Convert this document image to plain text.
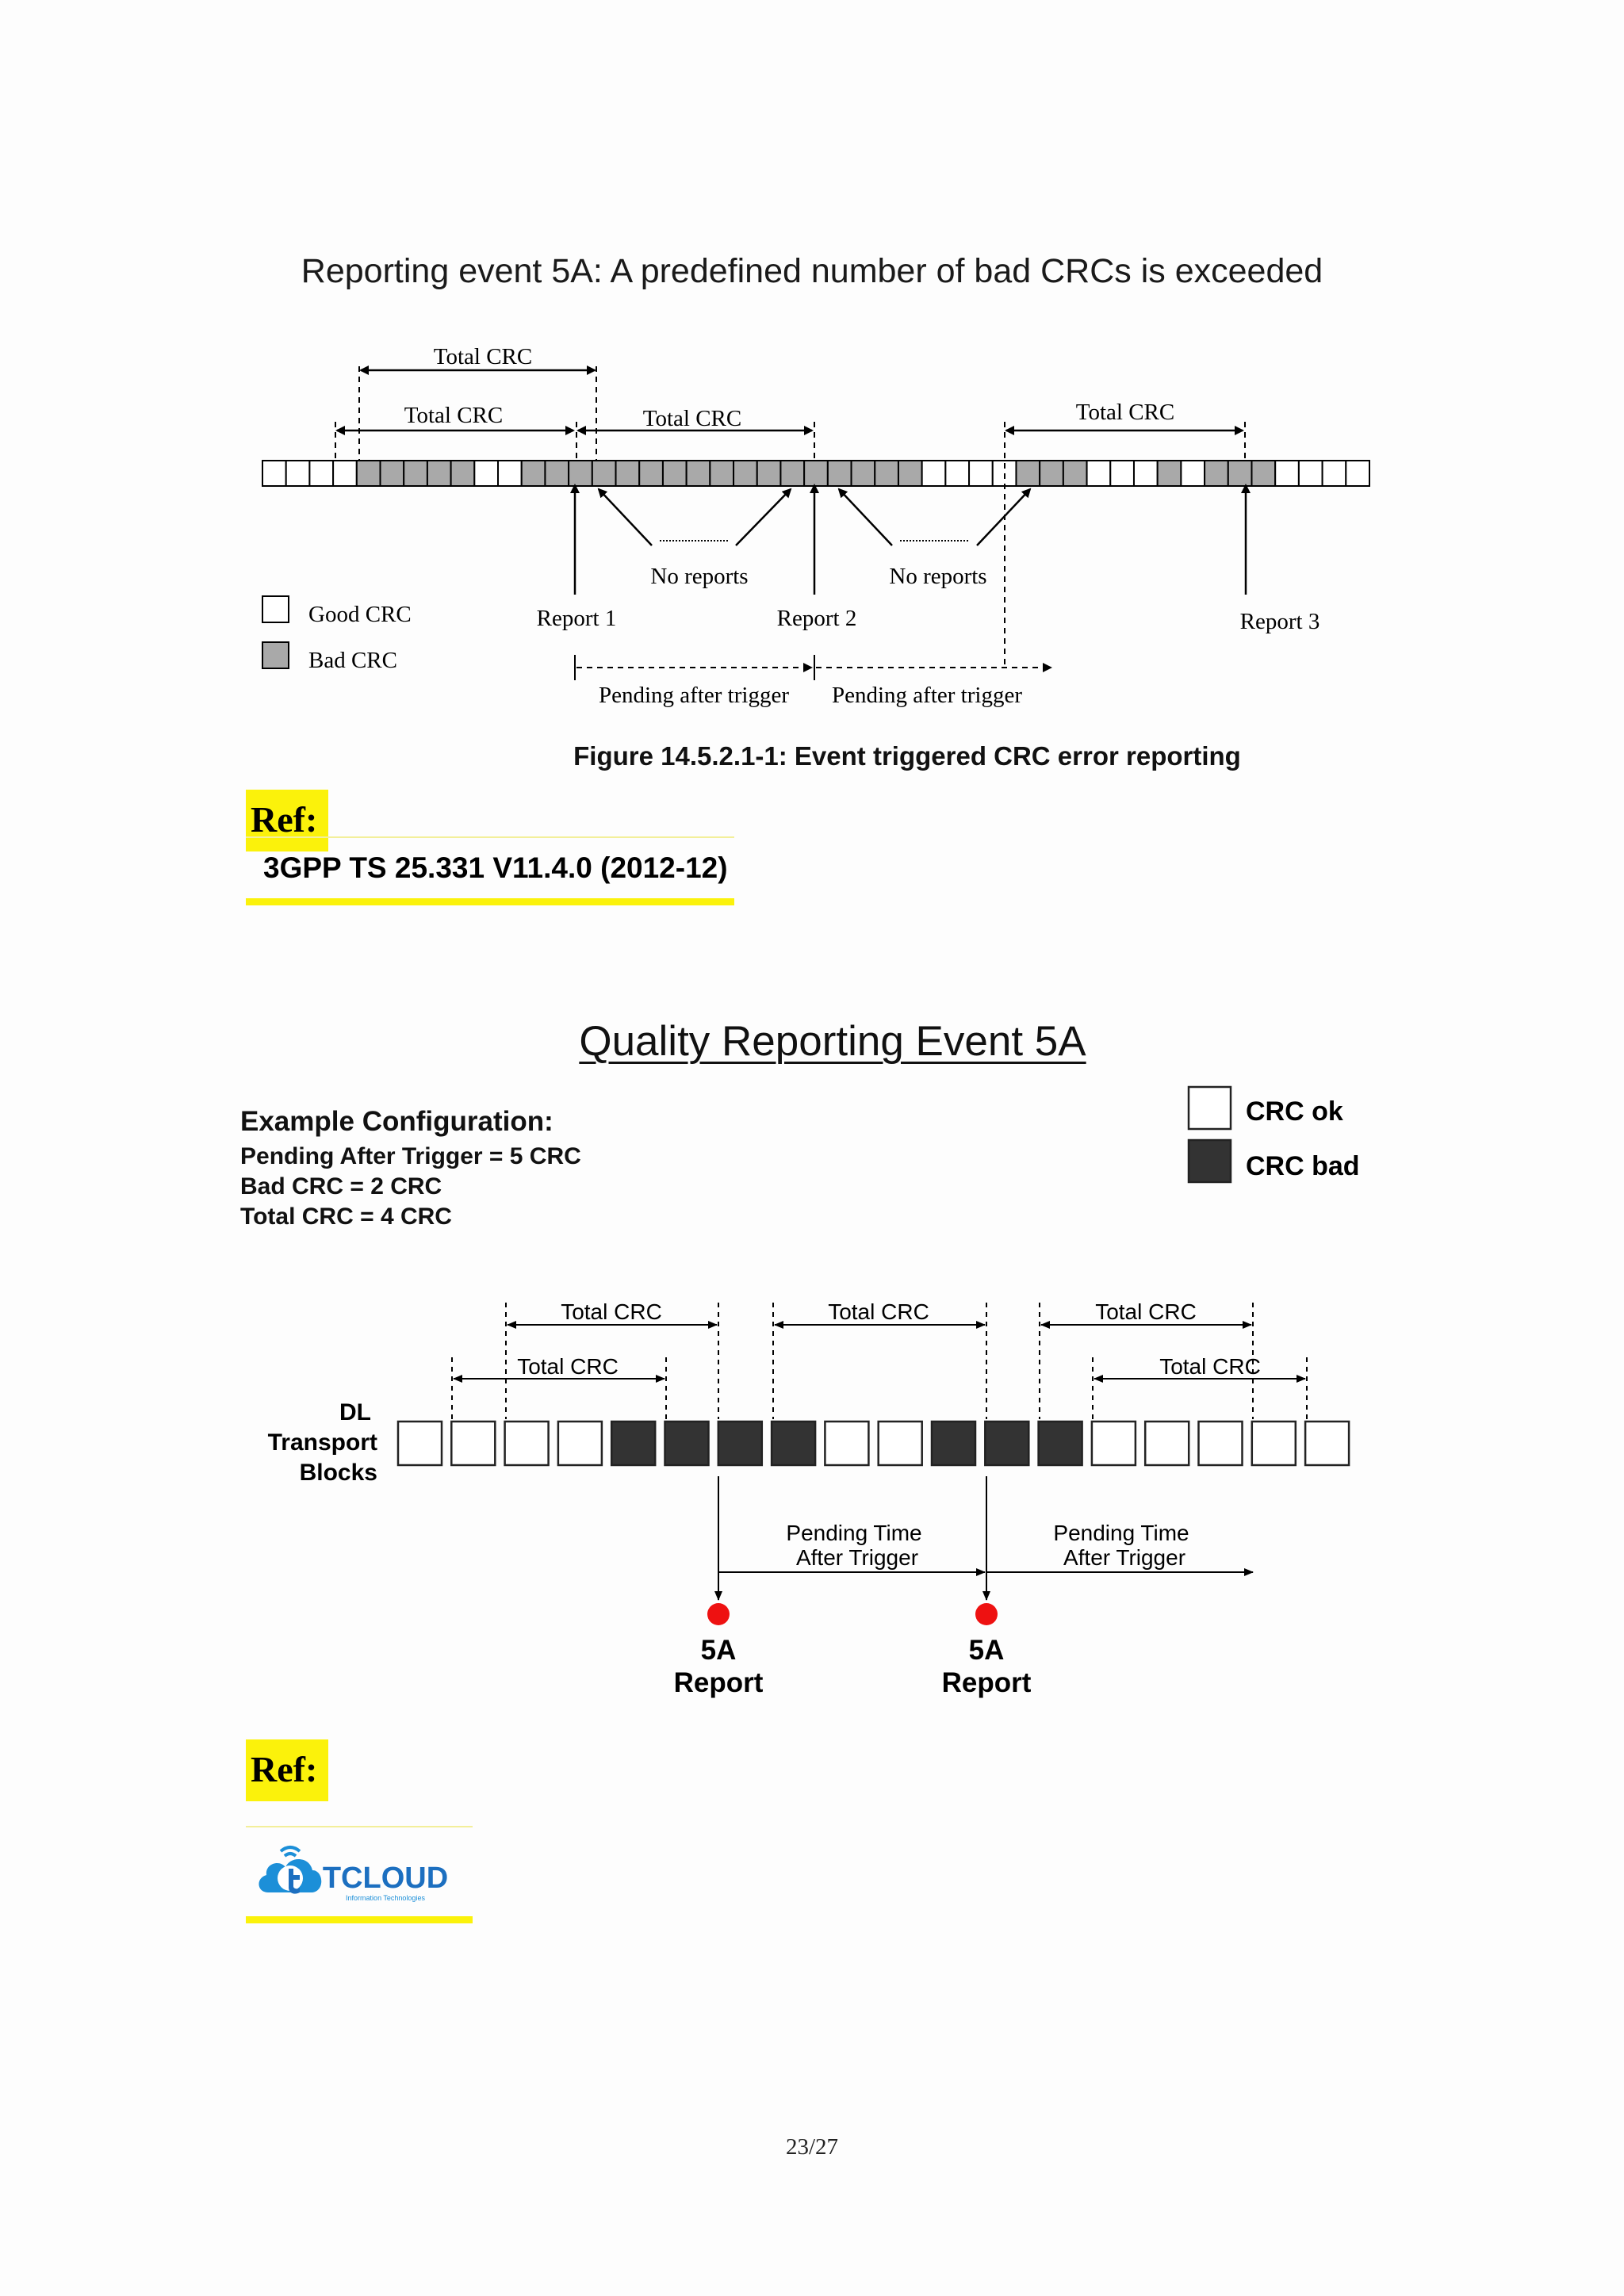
Reporting event 5A: A predefined number of bad CRCs is exceeded
Total CRC
Total CRC	Total CRC	Total CRC
No reports	No reports
Report 1	Report 2	Report 3
Good CRC
Bad CRC
Pending after trigger Pending after trigger
Figure 14.5.2.1-1: Event triggered CRC error reporting
Ref:
3GPP TS 25.331 V11.4.0 (2012-12)
Quality Reporting Event 5A
Example Configuration:
Pending After Trigger = 5 CRC
Bad CRC = 2 CRC
Total CRC = 4 CRC
CRC ok
CRC bad
DL
Transport
Blocks
Total CRC	Total CRC	Total CRC
Total CRC	Total CRC
Pending Time
After Trigger
Pending Time
After Trigger
5A
Report
5A
Report
Ref:
TCLOUD
Information Technologies
23/27
